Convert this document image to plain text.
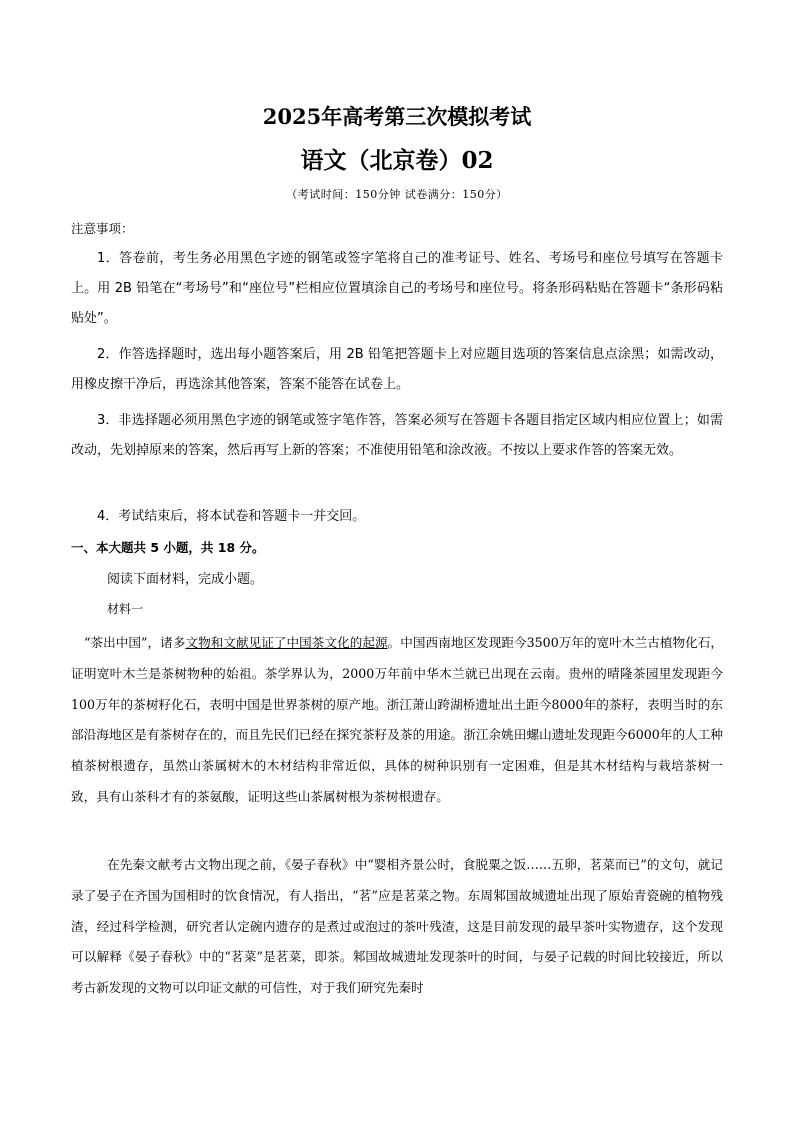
2025年高考第三次模拟考试
语文（北京卷）02
（考试时间：150分钟 试卷满分：150分）
注意事项：

1．答卷前，考生务必用黑色字迹的钢笔或签字笔将自己的准考证号、姓名、考场号和座位号填写在答题卡上。用 2B 铅笔在“考场号”和“座位号”栏相应位置填涂自己的考场号和座位号。将条形码粘贴在答题卡“条形码粘贴处”。

2．作答选择题时，选出每小题答案后，用 2B 铅笔把答题卡上对应题目选项的答案信息点涂黑；如需改动，用橡皮擦干净后，再选涂其他答案，答案不能答在试卷上。

3．非选择题必须用黑色字迹的钢笔或签字笔作答，答案必须写在答题卡各题目指定区域内相应位置上；如需改动，先划掉原来的答案，然后再写上新的答案；不准使用铅笔和涂改液。不按以上要求作答的答案无效。

4．考试结束后，将本试卷和答题卡一并交回。

一、本大题共 5 小题，共 18 分。
阅读下面材料，完成小题。
材料一

“茶出中国”，诸多文物和文献见证了中国茶文化的起源。中国西南地区发现距今3500万年的宽叶木兰古植物化石，证明宽叶木兰是茶树物种的始祖。茶学界认为，2000万年前中华木兰就已出现在云南。贵州的晴隆茶园里发现距今100万年的茶树籽化石，表明中国是世界茶树的原产地。浙江萧山跨湖桥遗址出土距今8000年的茶籽，表明当时的东部沿海地区是有茶树存在的，而且先民们已经在探究茶籽及茶的用途。浙江余姚田螺山遗址发现距今6000年的人工种植茶树根遗存，虽然山茶属树木的木材结构非常近似，具体的树种识别有一定困难，但是其木材结构与栽培茶树一致，具有山茶科才有的茶氨酸，证明这些山茶属树根为茶树根遗存。

在先秦文献考古文物出现之前，《晏子春秋》中“婴相齐景公时，食脱粟之饭……五卵，茗菜而已”的文句，就记录了晏子在齐国为国相时的饮食情况，有人指出，“茗”应是茗菜之物。东周邾国故城遗址出现了原始青瓷碗的植物残渣，经过科学检测，研究者认定碗内遗存的是煮过或泡过的茶叶残渣，这是目前发现的最早茶叶实物遗存，这个发现可以解释《晏子春秋》中的“茗菜”是茗菜，即茶。邾国故城遗址发现茶叶的时间，与晏子记载的时间比较接近，所以考古新发现的文物可以印证文献的可信性，对于我们研究先秦时
